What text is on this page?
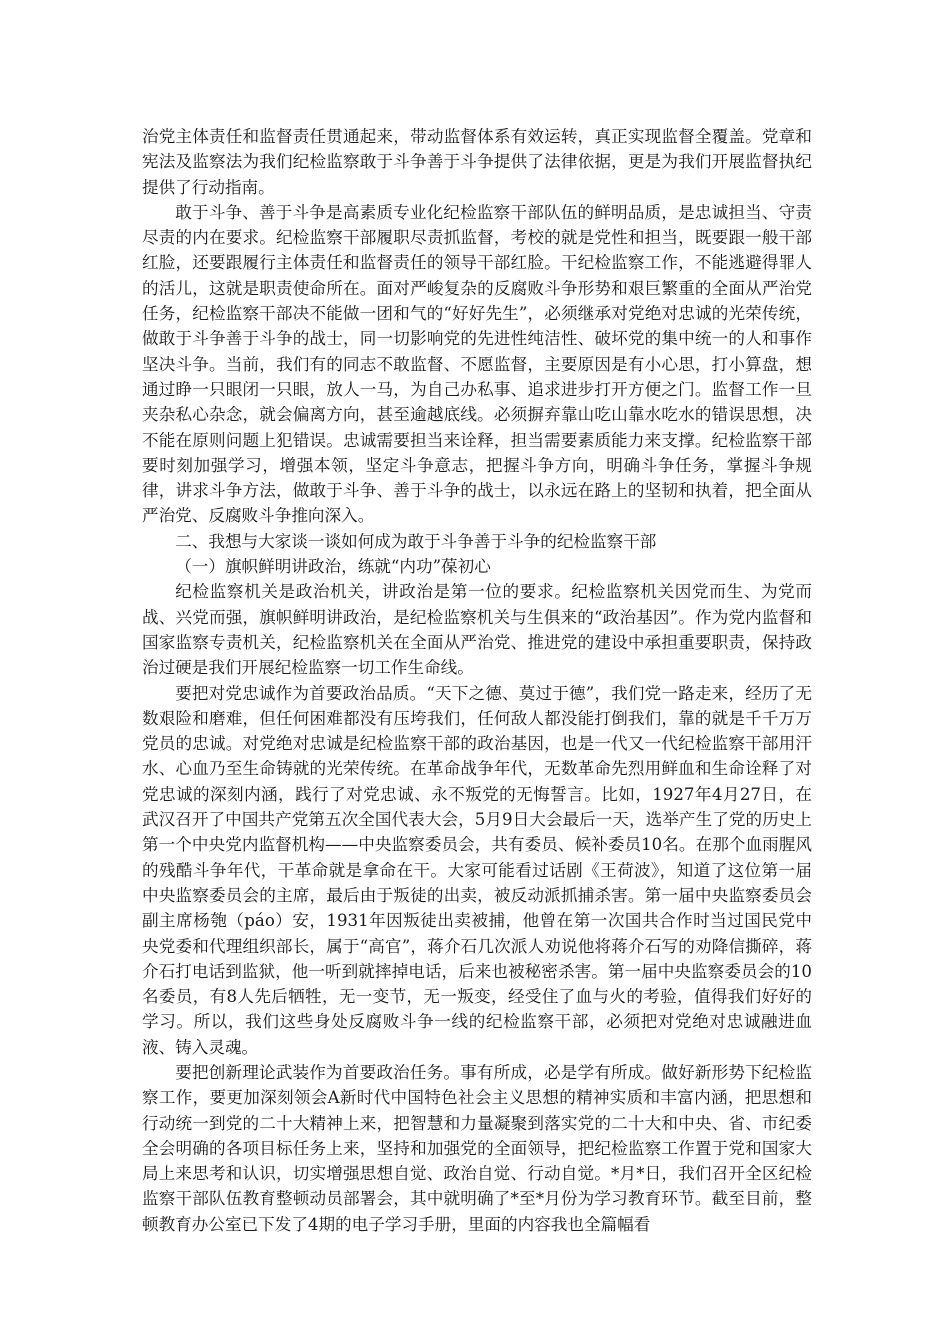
治党主体责任和监督责任贯通起来，带动监督体系有效运转，真正实现监督全覆盖。党章和宪法及监察法为我们纪检监察敢于斗争善于斗争提供了法律依据，更是为我们开展监督执纪提供了行动指南。

敢于斗争、善于斗争是高素质专业化纪检监察干部队伍的鲜明品质，是忠诚担当、守责尽责的内在要求。纪检监察干部履职尽责抓监督，考校的就是党性和担当，既要跟一般干部红脸，还要跟履行主体责任和监督责任的领导干部红脸。干纪检监察工作，不能逃避得罪人的活儿，这就是职责使命所在。面对严峻复杂的反腐败斗争形势和艰巨繁重的全面从严治党任务，纪检监察干部决不能做一团和气的“好好先生”，必须继承对党绝对忠诚的光荣传统，做敢于斗争善于斗争的战士，同一切影响党的先进性纯洁性、破坏党的集中统一的人和事作坚决斗争。当前，我们有的同志不敢监督、不愿监督，主要原因是有小心思，打小算盘，想通过睁一只眼闭一只眼，放人一马，为自己办私事、追求进步打开方便之门。监督工作一旦夹杂私心杂念，就会偏离方向，甚至逾越底线。必须摒弃靠山吃山靠水吃水的错误思想，决不能在原则问题上犯错误。忠诚需要担当来诠释，担当需要素质能力来支撑。纪检监察干部要时刻加强学习，增强本领，坚定斗争意志，把握斗争方向，明确斗争任务，掌握斗争规律，讲求斗争方法，做敢于斗争、善于斗争的战士，以永远在路上的坚韧和执着，把全面从严治党、反腐败斗争推向深入。

二、我想与大家谈一谈如何成为敢于斗争善于斗争的纪检监察干部

（一）旗帜鲜明讲政治，练就“内功”葆初心

纪检监察机关是政治机关，讲政治是第一位的要求。纪检监察机关因党而生、为党而战、兴党而强，旗帜鲜明讲政治，是纪检监察机关与生俱来的“政治基因”。作为党内监督和国家监察专责机关，纪检监察机关在全面从严治党、推进党的建设中承担重要职责，保持政治过硬是我们开展纪检监察一切工作生命线。

要把对党忠诚作为首要政治品质。“天下之德、莫过于德”，我们党一路走来，经历了无数艰险和磨难，但任何困难都没有压垮我们，任何敌人都没能打倒我们，靠的就是千千万万党员的忠诚。对党绝对忠诚是纪检监察干部的政治基因，也是一代又一代纪检监察干部用汗水、心血乃至生命铸就的光荣传统。在革命战争年代，无数革命先烈用鲜血和生命诠释了对党忠诚的深刻内涵，践行了对党忠诚、永不叛党的无悔誓言。比如，1927年4月27日，在武汉召开了中国共产党第五次全国代表大会，5月9日大会最后一天，选举产生了党的历史上第一个中央党内监督机构——中央监察委员会，共有委员、候补委员10名。在那个血雨腥风的残酷斗争年代，干革命就是拿命在干。大家可能看过话剧《王荷波》，知道了这位第一届中央监察委员会的主席，最后由于叛徒的出卖，被反动派抓捕杀害。第一届中央监察委员会副主席杨匏（páo）安，1931年因叛徒出卖被捕，他曾在第一次国共合作时当过国民党中央党委和代理组织部长，属于“高官”，蒋介石几次派人劝说他将蒋介石写的劝降信撕碎，蒋介石打电话到监狱，他一听到就摔掉电话，后来也被秘密杀害。第一届中央监察委员会的10名委员，有8人先后牺牲，无一变节，无一叛变，经受住了血与火的考验，值得我们好好的学习。所以，我们这些身处反腐败斗争一线的纪检监察干部，必须把对党绝对忠诚融进血液、铸入灵魂。

要把创新理论武装作为首要政治任务。事有所成，必是学有所成。做好新形势下纪检监察工作，要更加深刻领会A新时代中国特色社会主义思想的精神实质和丰富内涵，把思想和行动统一到党的二十大精神上来，把智慧和力量凝聚到落实党的二十大和中央、省、市纪委全会明确的各项目标任务上来，坚持和加强党的全面领导，把纪检监察工作置于党和国家大局上来思考和认识，切实增强思想自觉、政治自觉、行动自觉。*月*日，我们召开全区纪检监察干部队伍教育整顿动员部署会，其中就明确了*至*月份为学习教育环节。截至目前，整顿教育办公室已下发了4期的电子学习手册，里面的内容我也全篇幅看
